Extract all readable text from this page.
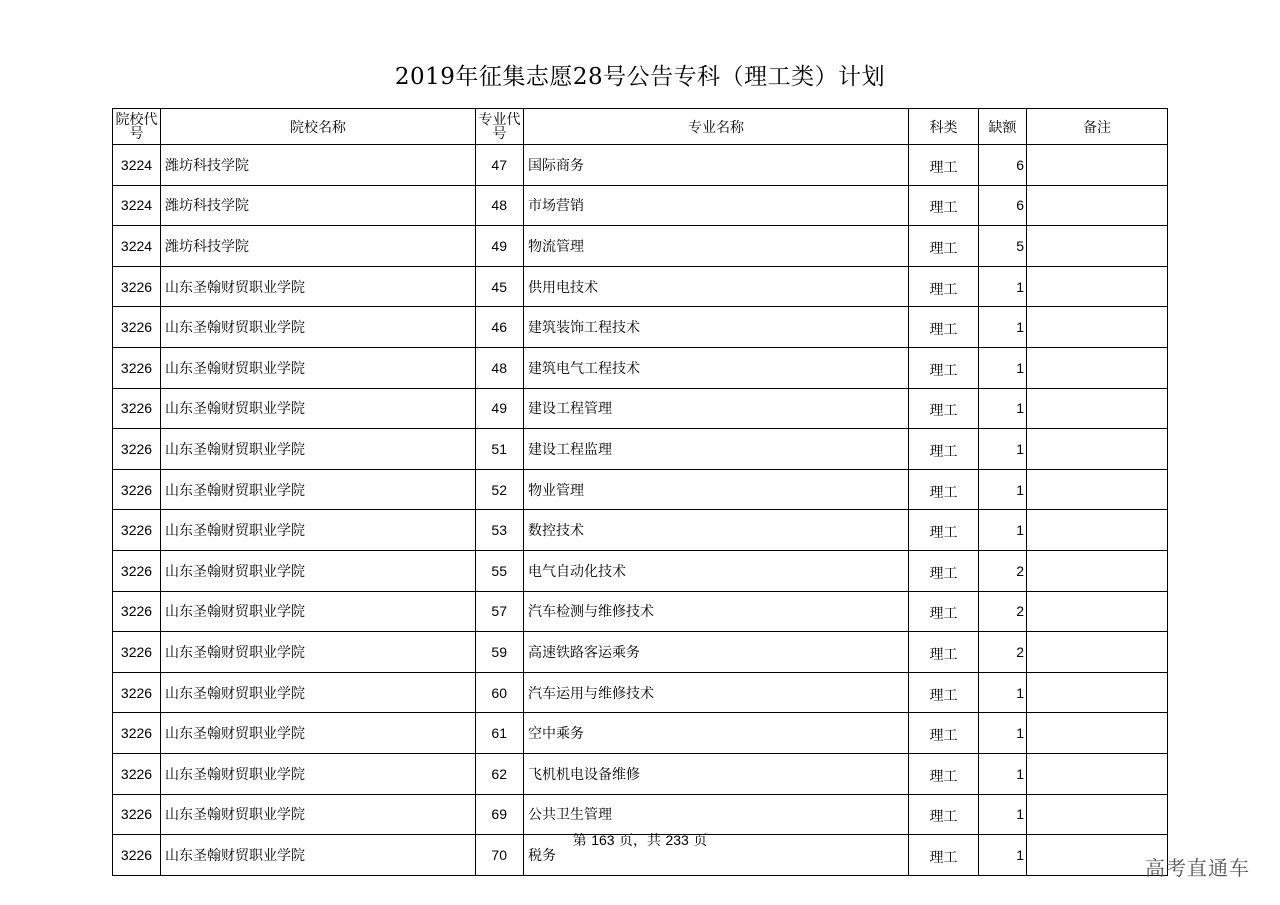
2019年征集志愿28号公告专科（理工类）计划
院校代号	院校名称	专业代号	专业名称	科类	缺额	备注
3224	潍坊科技学院	47	国际商务	理工	6	
3224	潍坊科技学院	48	市场营销	理工	6	
3224	潍坊科技学院	49	物流管理	理工	5	
3226	山东圣翰财贸职业学院	45	供用电技术	理工	1	
3226	山东圣翰财贸职业学院	46	建筑装饰工程技术	理工	1	
3226	山东圣翰财贸职业学院	48	建筑电气工程技术	理工	1	
3226	山东圣翰财贸职业学院	49	建设工程管理	理工	1	
3226	山东圣翰财贸职业学院	51	建设工程监理	理工	1	
3226	山东圣翰财贸职业学院	52	物业管理	理工	1	
3226	山东圣翰财贸职业学院	53	数控技术	理工	1	
3226	山东圣翰财贸职业学院	55	电气自动化技术	理工	2	
3226	山东圣翰财贸职业学院	57	汽车检测与维修技术	理工	2	
3226	山东圣翰财贸职业学院	59	高速铁路客运乘务	理工	2	
3226	山东圣翰财贸职业学院	60	汽车运用与维修技术	理工	1	
3226	山东圣翰财贸职业学院	61	空中乘务	理工	1	
3226	山东圣翰财贸职业学院	62	飞机机电设备维修	理工	1	
3226	山东圣翰财贸职业学院	69	公共卫生管理	理工	1	
3226	山东圣翰财贸职业学院	70	税务	理工	1	
第 163 页，共 233 页
高考直通车
